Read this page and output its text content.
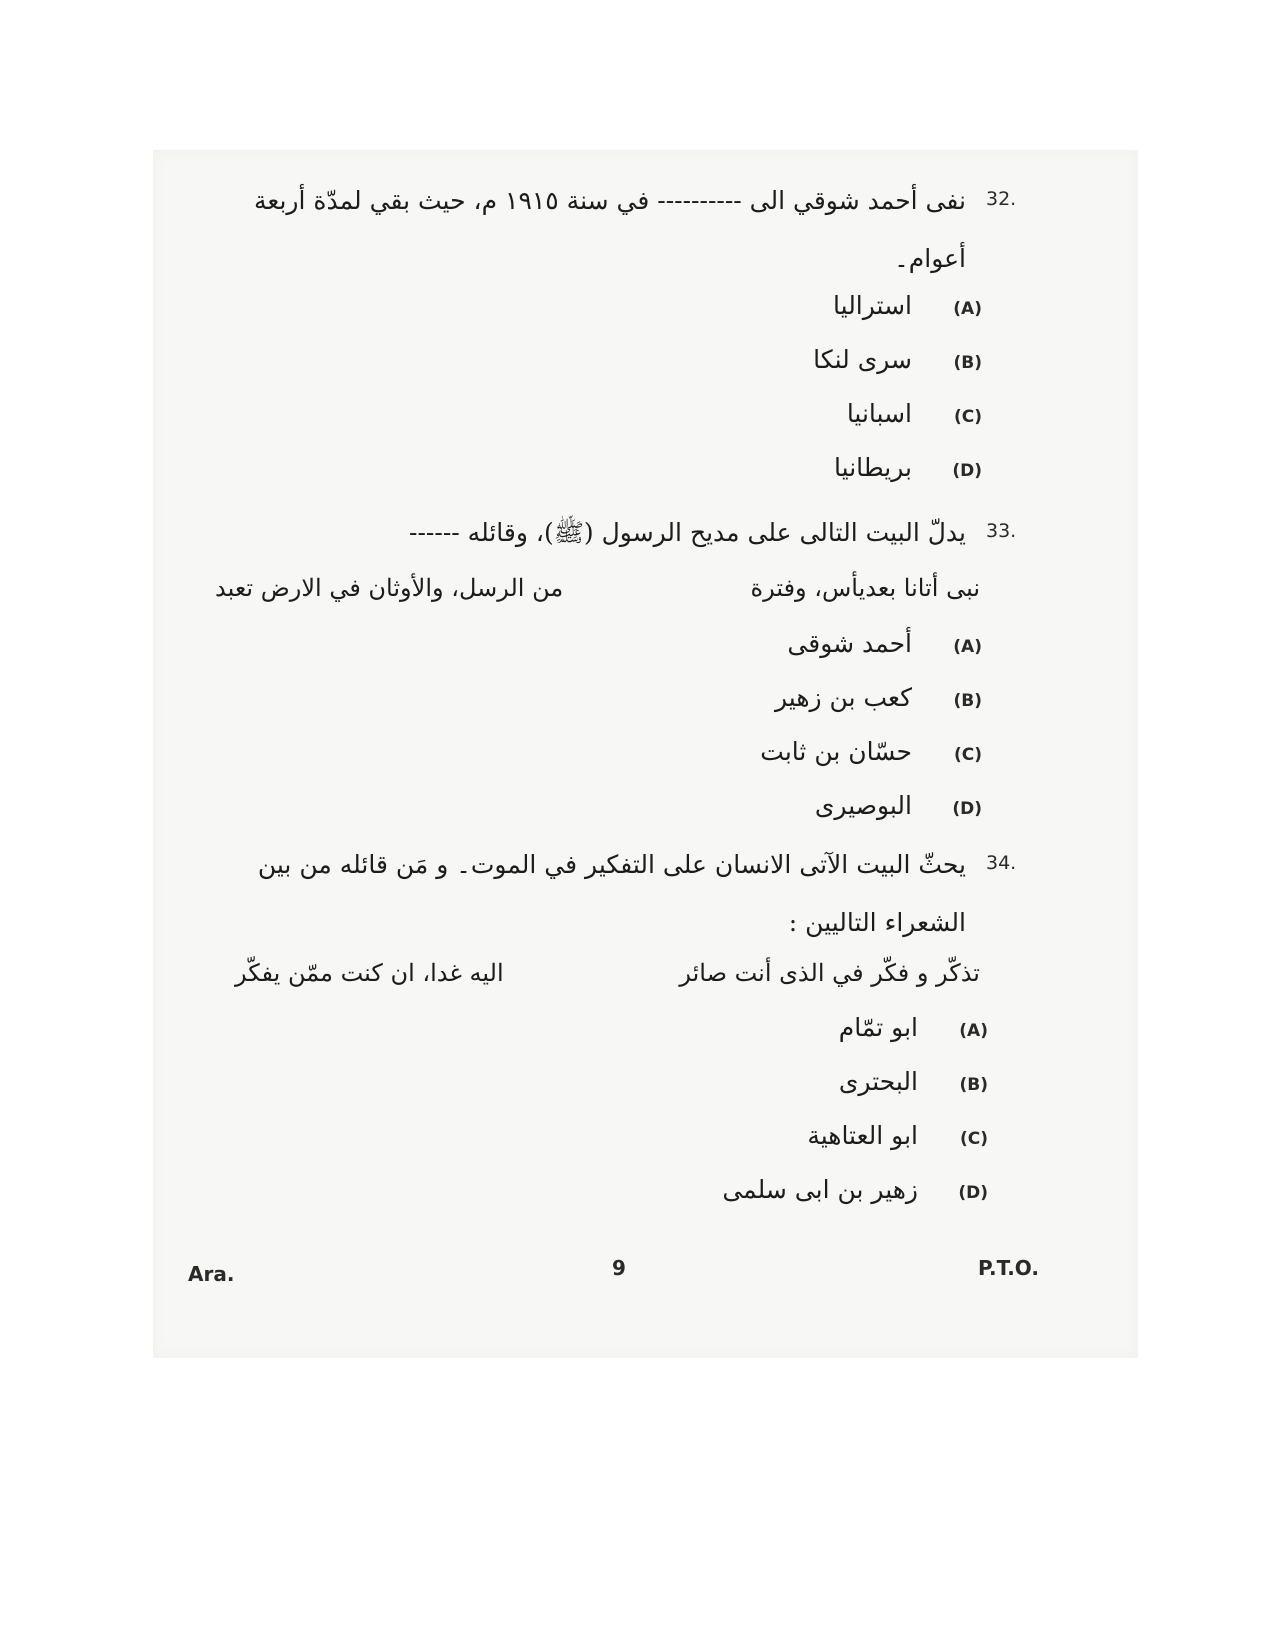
32.
نفى أحمد شوقي الى ---------- في سنة ١٩١٥ م، حيث بقي لمدّة أربعة أعوام۔
(A)استراليا
(B)سرى لنكا
(C)اسبانيا
(D)بريطانيا
33.
يدلّ البيت التالى على مديح الرسول (ﷺ)، وقائله ------
نبى أتانا بعديأس، وفترة
من الرسل، والأوثان في الارض تعبد
(A)أحمد شوقى
(B)كعب بن زهير
(C)حسّان بن ثابت
(D)البوصيرى
34.
يحثّ البيت الآتى الانسان على التفكير في الموت۔ و مَن قائله من بين الشعراء التاليين :
تذكّر و فكّر في الذى أنت صائر
اليه غدا، ان كنت ممّن يفكّر
(A)ابو تمّام
(B)البحترى
(C)ابو العتاهية
(D)زهير بن ابى سلمى
Ara.	9	P.T.O.
